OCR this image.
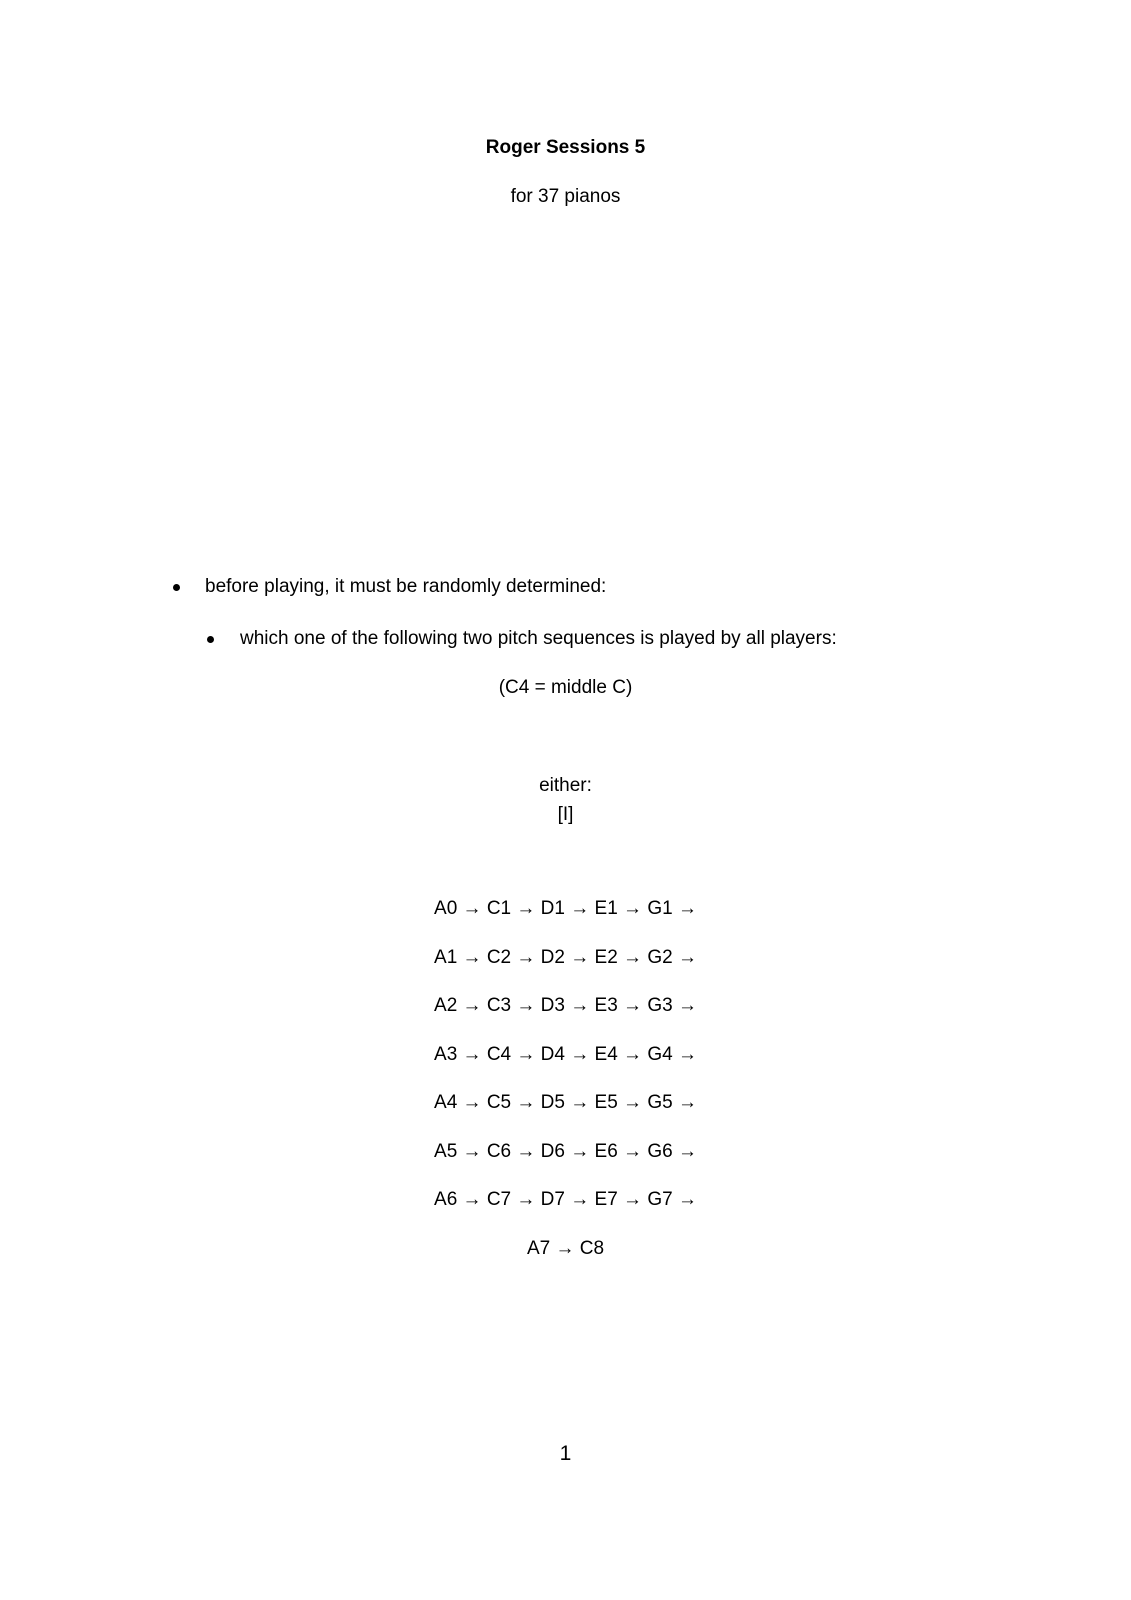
Roger Sessions 5
for 37 pianos
before playing, it must be randomly determined:
which one of the following two pitch sequences is played by all players:
(C4 = middle C)
either:
[I]
A0 → C1 → D1 → E1 → G1 →
A1 → C2 → D2 → E2 → G2 →
A2 → C3 → D3 → E3 → G3 →
A3 → C4 → D4 → E4 → G4 →
A4 → C5 → D5 → E5 → G5 →
A5 → C6 → D6 → E6 → G6 →
A6 → C7 → D7 → E7 → G7 →
A7 → C8
1
